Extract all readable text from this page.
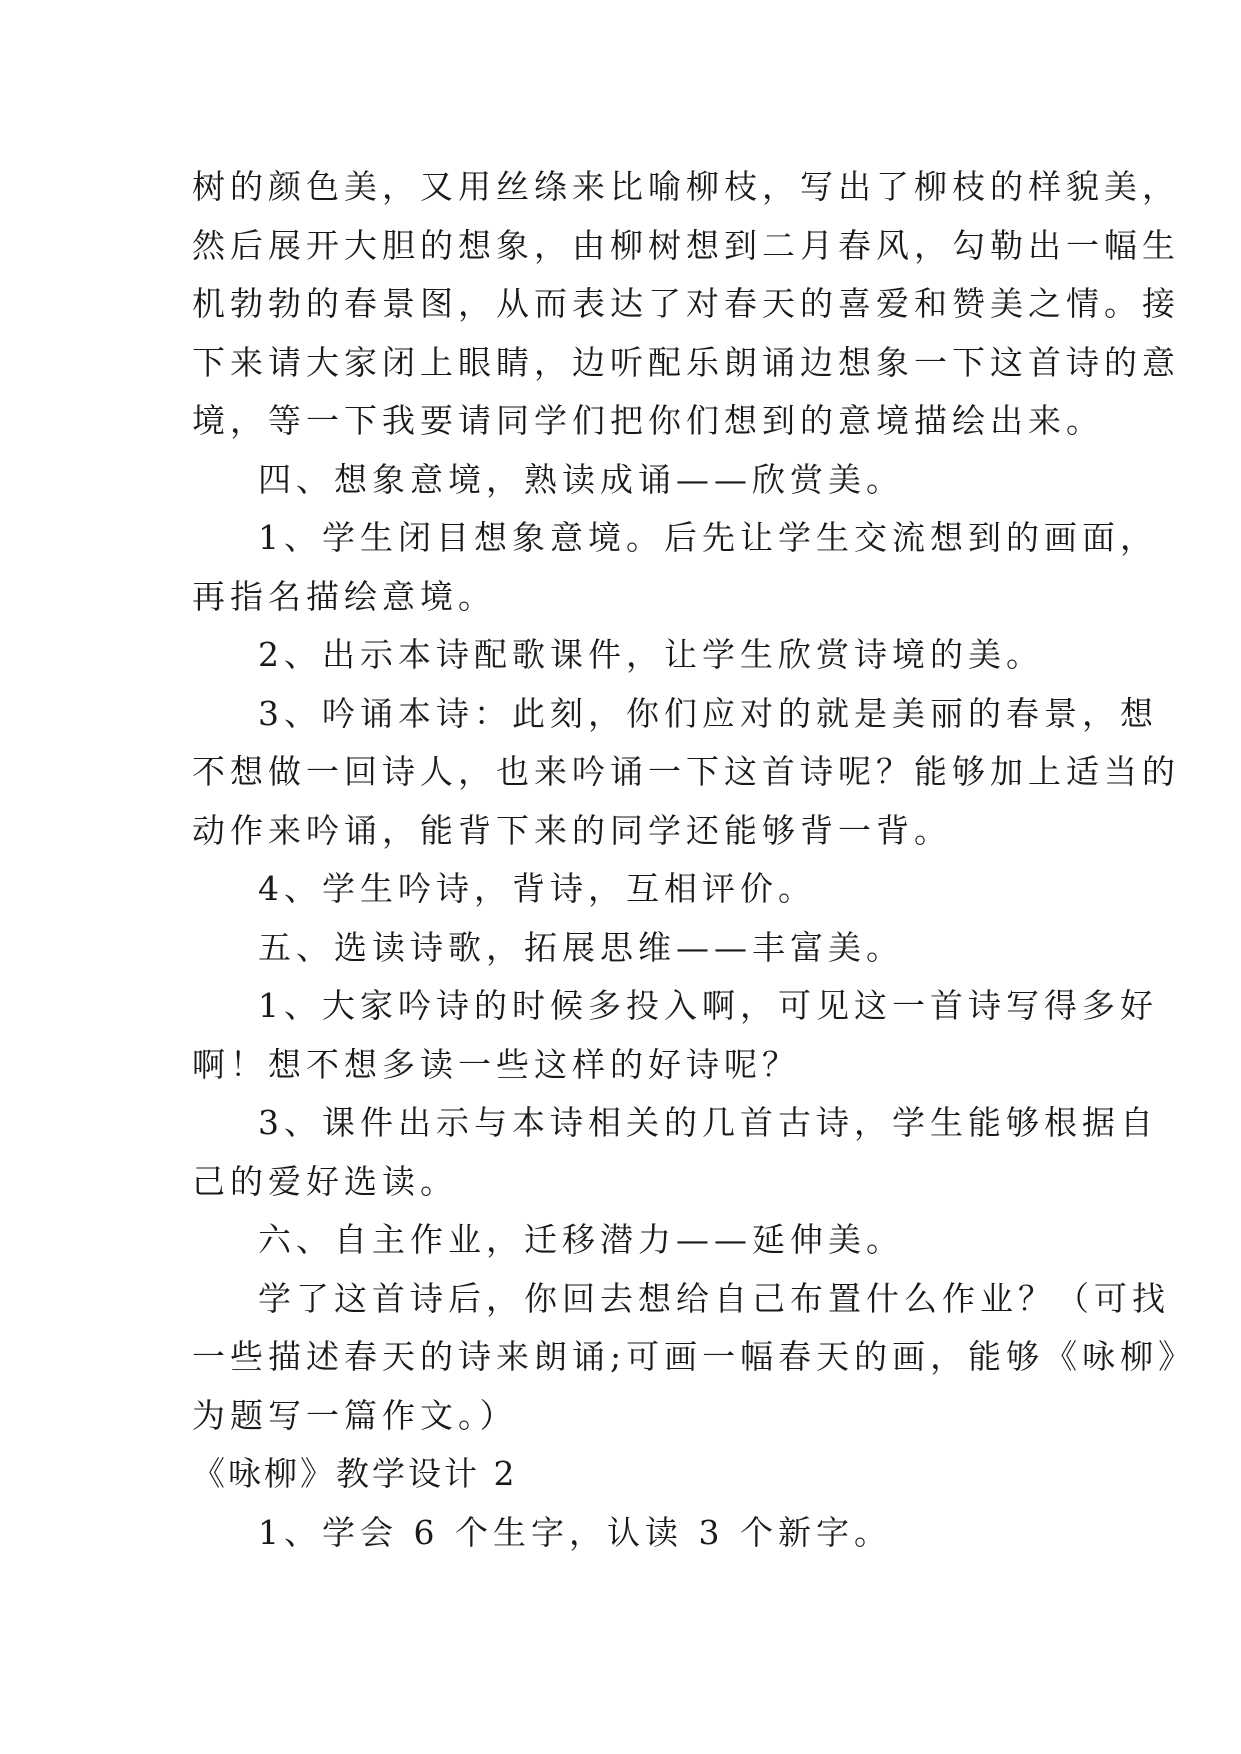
树的颜色美，又用丝绦来比喻柳枝，写出了柳枝的样貌美，
然后展开大胆的想象，由柳树想到二月春风，勾勒出一幅生
机勃勃的春景图，从而表达了对春天的喜爱和赞美之情。接
下来请大家闭上眼睛，边听配乐朗诵边想象一下这首诗的意
境，等一下我要请同学们把你们想到的意境描绘出来。
四、想象意境，熟读成诵——欣赏美。
1、学生闭目想象意境。后先让学生交流想到的画面，
再指名描绘意境。
2、出示本诗配歌课件，让学生欣赏诗境的美。
3、吟诵本诗：此刻，你们应对的就是美丽的春景，想
不想做一回诗人，也来吟诵一下这首诗呢？能够加上适当的
动作来吟诵，能背下来的同学还能够背一背。
4、学生吟诗，背诗，互相评价。
五、选读诗歌，拓展思维——丰富美。
1、大家吟诗的时候多投入啊，可见这一首诗写得多好
啊！想不想多读一些这样的好诗呢？
3、课件出示与本诗相关的几首古诗，学生能够根据自
己的爱好选读。
六、自主作业，迁移潜力——延伸美。
学了这首诗后，你回去想给自己布置什么作业？（可找
一些描述春天的诗来朗诵;可画一幅春天的画，能够《咏柳》
为题写一篇作文。）
《咏柳》教学设计 2
1、学会 6 个生字，认读 3 个新字。
